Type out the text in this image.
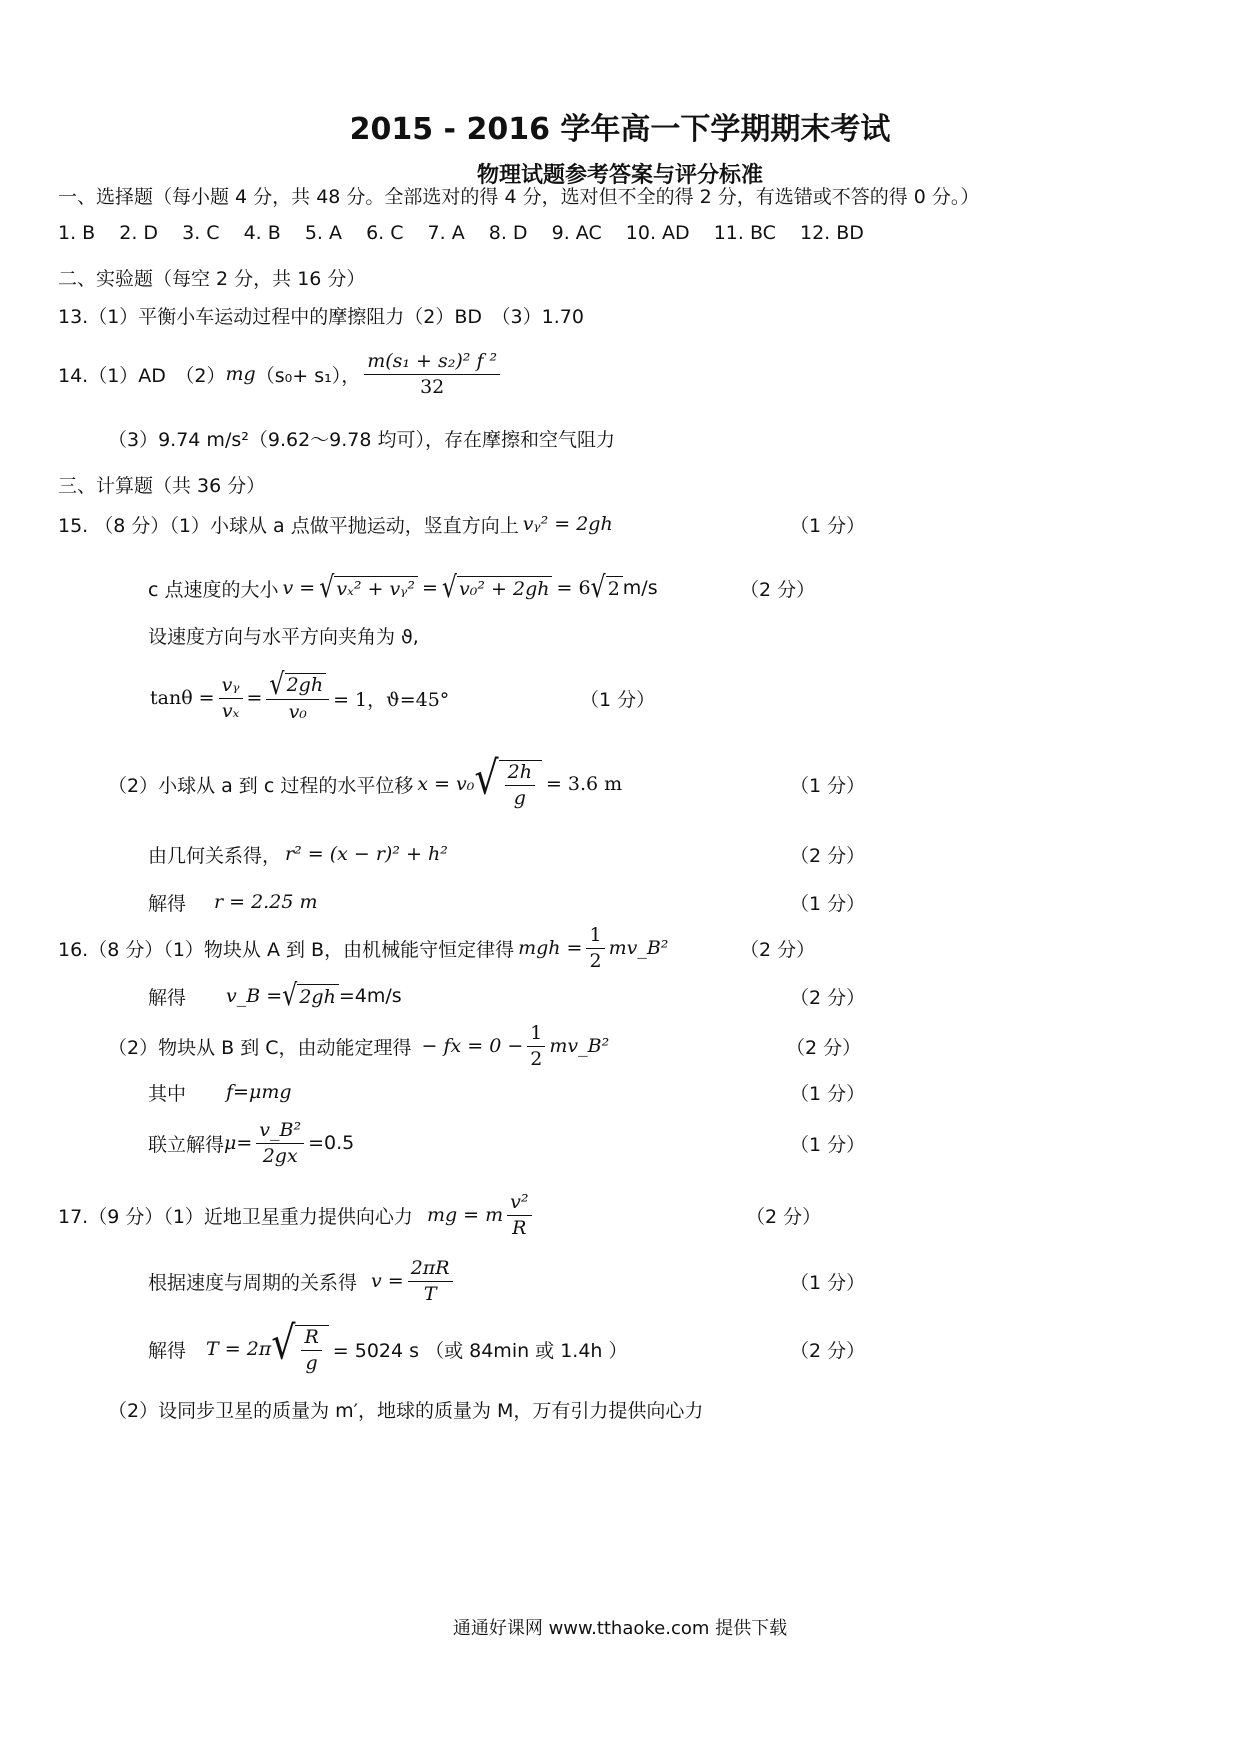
2015 - 2016 学年高一下学期期末考试
物理试题参考答案与评分标准
一、选择题（每小题 4 分，共 48 分。全部选对的得 4 分，选对但不全的得 2 分，有选错或不答的得 0 分。）
1. B 2. D 3. C 4. B 5. A 6. C 7. A 8. D 9. AC 10. AD 11. BC 12. BD
二、实验题（每空 2 分，共 16 分）
13.（1）平衡小车运动过程中的摩擦阻力（2）BD　（3）1.70
14.（1）AD　（2） mg （s₀+ s₁）， $\frac{\text{m(s₁ + s₂)² f ²}}{32}$
（3）9.74 m/s²（9.62～9.78 均可），存在摩擦和空气阻力
三、计算题（共 36 分）
15. （8 分）（1）小球从 a 点做平抛运动，竖直方向上 vᵧ² = 2gh	（1 分）
c 点速度的大小 v = √ vₓ² + vᵧ² = √ v₀² + 2gh = 6 √ 2 m/s	（2 分）
设速度方向与水平方向夹角为 ϑ,
$\tan\theta = \frac{\text{vᵧ}}{\text{vₓ}} = \frac{√ 2gh}{\text{v₀}} = 1$，ϑ=45°	（1 分）
（2）小球从 a 到 c 过程的水平位移 x = v₀ √ $\frac{2h}{g} = 3.6$ m	（1 分）
由几何关系得， r² = (x − r)² + h²	（2 分）
解得 r = 2.25 m	（1 分）
16.（8 分）（1）物块从 A 到 B，由机械能守恒定律得 mgh = $\frac{1}{2}$ mv_B²	（2 分）
解得 v_B = √ 2gh =4m/s	（2 分）
（2）物块从 B 到 C，由动能定理得 − fx = $0 - \frac{1}{2}$ mv_B²	（2 分）
其中 f=μmg	（1 分）
联立解得 $\mu= \frac{\text{v\_B²}}{2gx} =0.5$	（1 分）
17.（9 分）（1）近地卫星重力提供向心力 mg = m $\frac{\text{v²}}{R}$	（2 分）
根据速度与周期的关系得 $v = \frac{2\pi R}{T}$	（1 分）
解得 T = 2π √ $\frac{R}{g} = 5024$ s （或 84min 或 1.4h ）	（2 分）
（2）设同步卫星的质量为 m′，地球的质量为 M，万有引力提供向心力
通通好课网 www.tthaoke.com 提供下载
